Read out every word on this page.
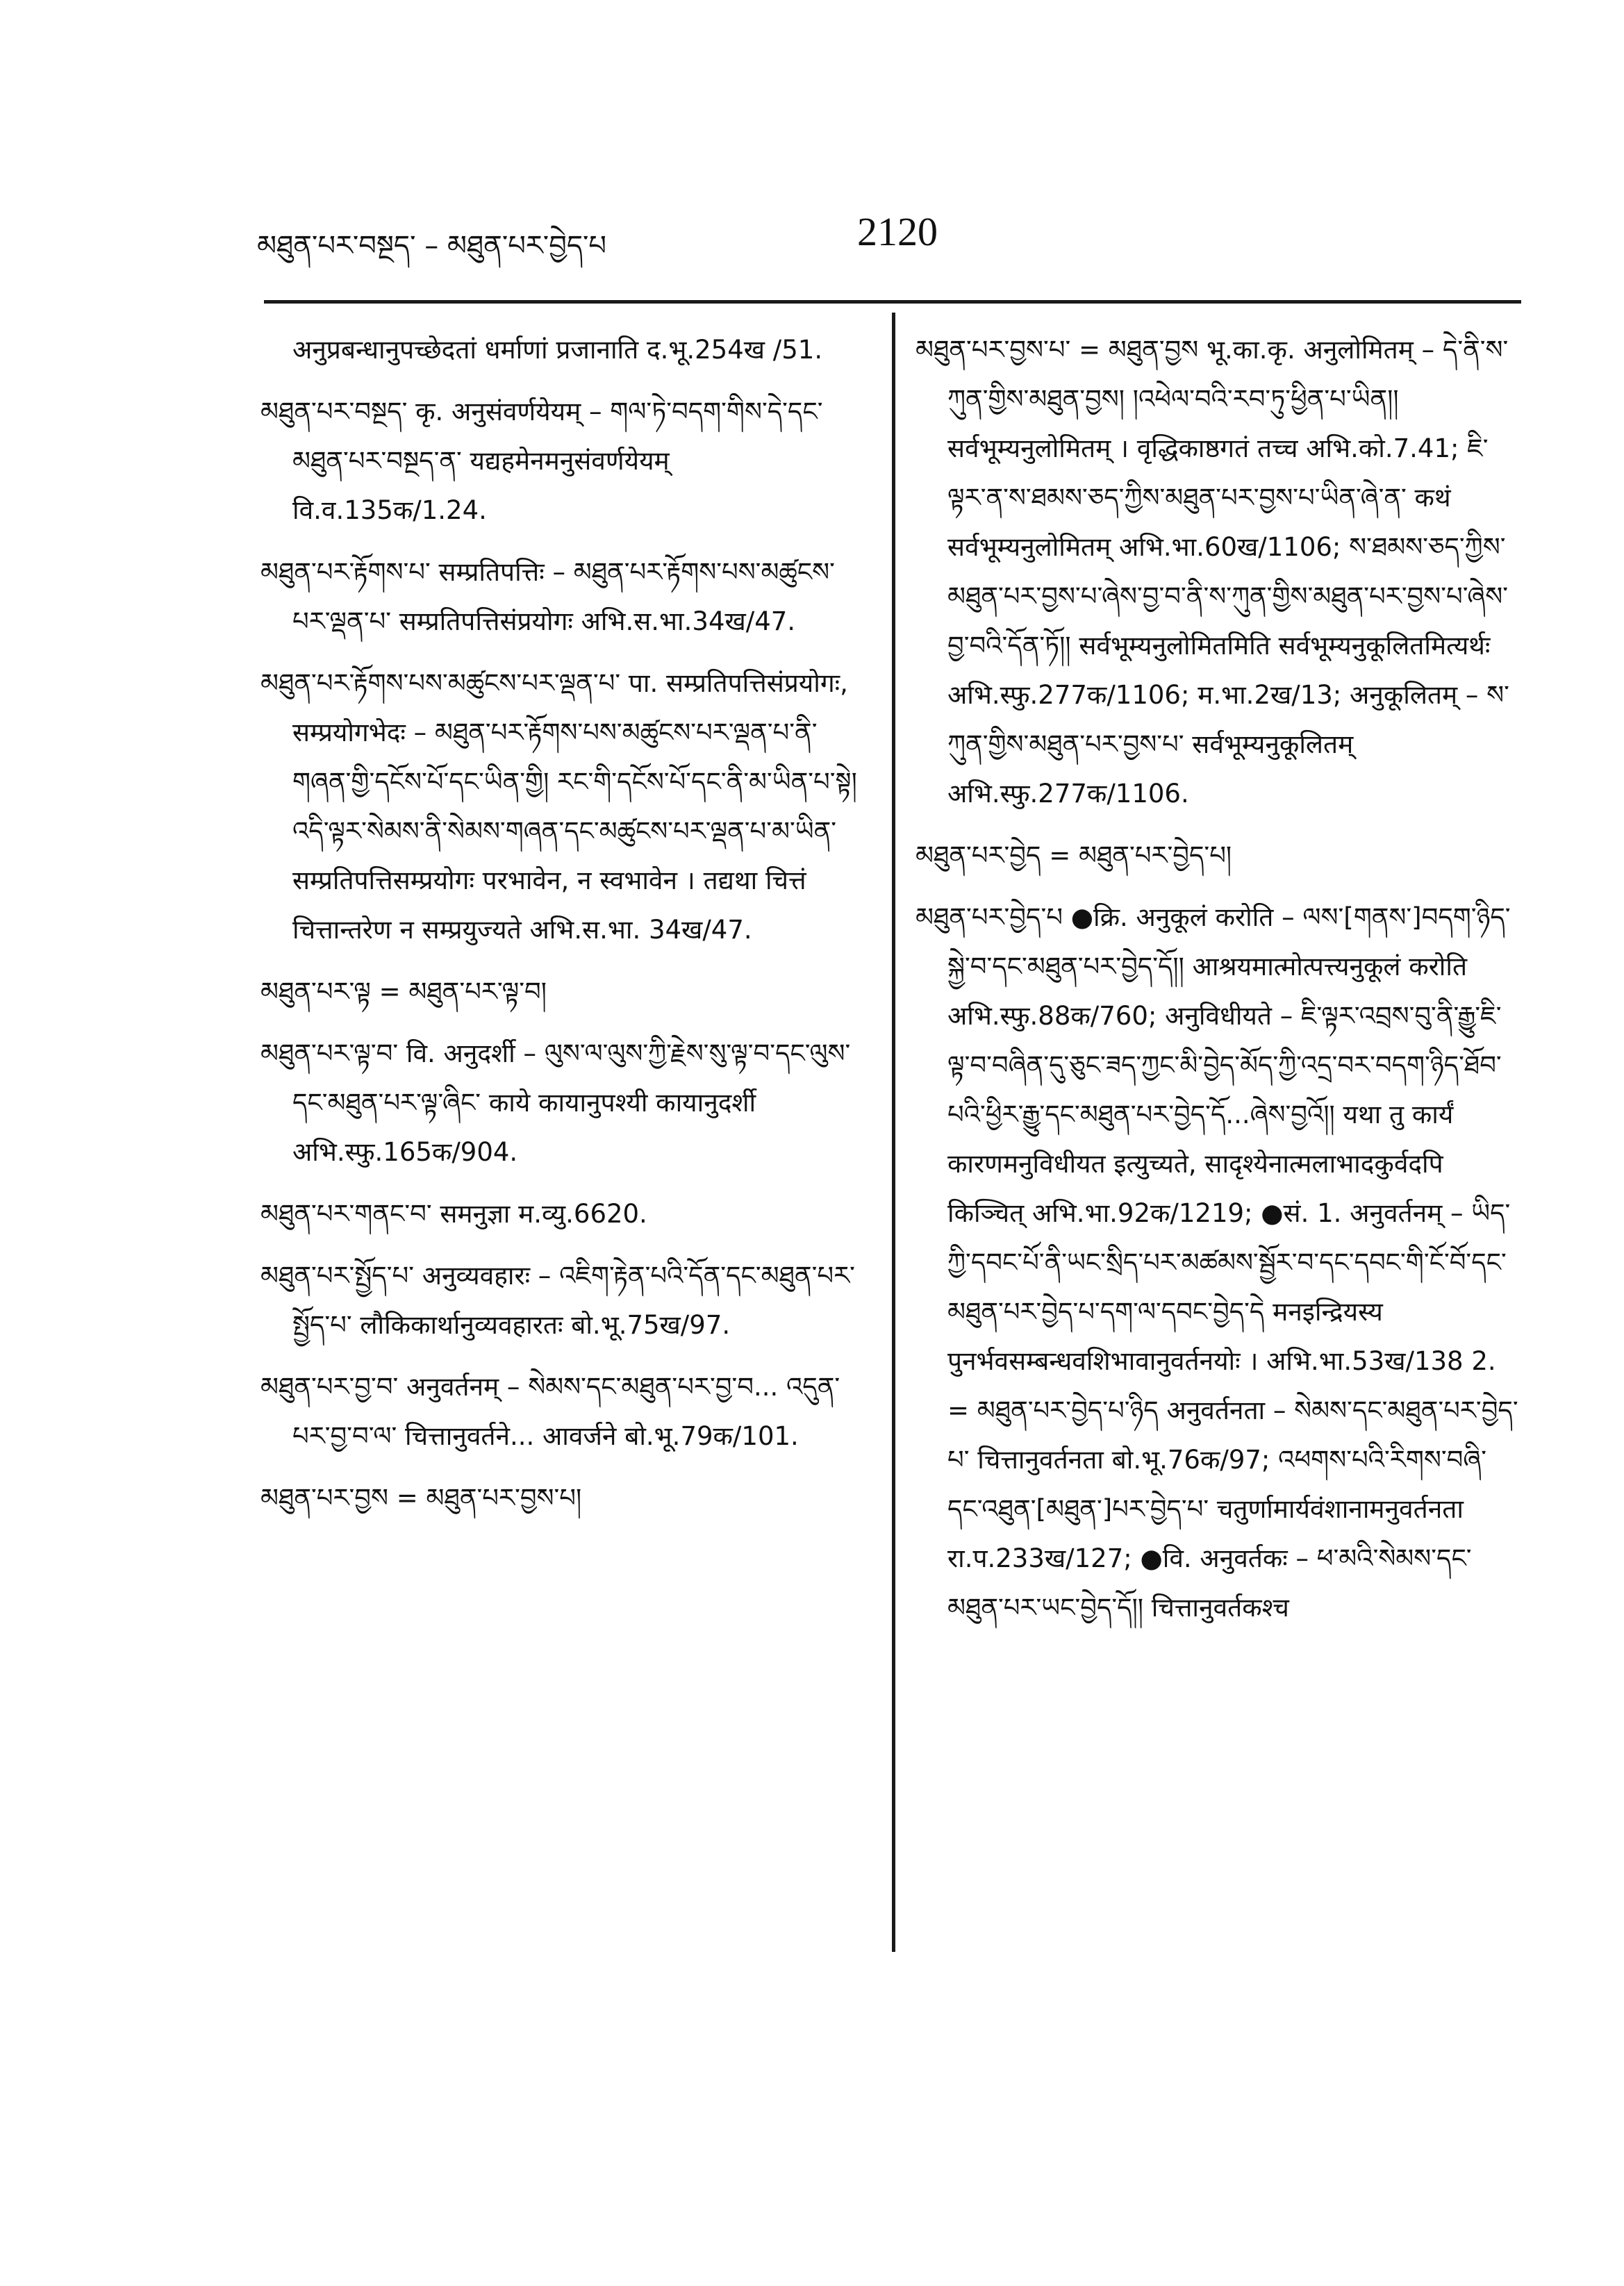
མཐུན་པར་བསྔད་ – མཐུན་པར་བྱེད་པ	2120

अनुप्रबन्धानुपच्छेदतां धर्माणां प्रजानाति द.भू.254ख /51.

མཐུན་པར་བསྔད་ कृ. अनुसंवर्णयेयम् – གལ་ཏེ་བདག་གིས་དེ་དང་མཐུན་པར་བསྔད་ན་ यद्यहमेनमनुसंवर्णयेयम् वि.व.135क/1.24.

མཐུན་པར་རྟོགས་པ་ सम्प्रतिपत्तिः – མཐུན་པར་རྟོགས་པས་མཚུངས་པར་ལྡན་པ་ सम्प्रतिपत्तिसंप्रयोगः अभि.स.भा.34ख/47.

མཐུན་པར་རྟོགས་པས་མཚུངས་པར་ལྡན་པ་ पा. सम्प्रतिपत्तिसंप्रयोगः, सम्प्रयोगभेदः – མཐུན་པར་རྟོགས་པས་མཚུངས་པར་ལྡན་པ་ནི་གཞན་གྱི་དངོས་པོ་དང་ཡིན་གྱི། རང་གི་དངོས་པོ་དང་ནི་མ་ཡིན་པ་སྟེ། འདི་ལྟར་སེམས་ནི་སེམས་གཞན་དང་མཚུངས་པར་ལྡན་པ་མ་ཡིན་ सम्प्रतिपत्तिसम्प्रयोगः परभावेन, न स्वभावेन । तद्यथा चित्तं चित्तान्तरेण न सम्प्रयुज्यते अभि.स.भा. 34ख/47.

མཐུན་པར་ལྟ = མཐུན་པར་ལྟ་བ།

མཐུན་པར་ལྟ་བ་ वि. अनुदर्शी – ལུས་ལ་ལུས་ཀྱི་རྗེས་སུ་ལྟ་བ་དང་ལུས་དང་མཐུན་པར་ལྟ་ཞིང་ काये कायानुपश्यी कायानुदर्शी अभि.स्फु.165क/904.

མཐུན་པར་གནང་བ་ समनुज्ञा म.व्यु.6620.

མཐུན་པར་སྤྱོད་པ་ अनुव्यवहारः – འཇིག་རྟེན་པའི་དོན་དང་མཐུན་པར་སྤྱོད་པ་ लौकिकार्थानुव्यवहारतः बो.भू.75ख/97.

མཐུན་པར་བྱ་བ་ अनुवर्तनम् – སེམས་དང་མཐུན་པར་བྱ་བ... འདུན་པར་བྱ་བ་ལ་ चित्तानुवर्तने... आवर्जने बो.भू.79क/101.

མཐུན་པར་བྱས = མཐུན་པར་བྱས་པ།

མཐུན་པར་བྱས་པ་ = མཐུན་བྱས भू.का.कृ. अनुलोमितम् – དེ་ནི་ས་ཀུན་གྱིས་མཐུན་བྱས། །འཕེལ་བའི་རབ་ཏུ་ཕྱིན་པ་ཡིན།། सर्वभूम्यनुलोमितम् । वृद्धिकाष्ठगतं तच्च अभि.को.7.41; ཇི་ལྟར་ན་ས་ཐམས་ཅད་ཀྱིས་མཐུན་པར་བྱས་པ་ཡིན་ཞེ་ན་ कथं सर्वभूम्यनुलोमितम् अभि.भा.60ख/1106; ས་ཐམས་ཅད་ཀྱིས་མཐུན་པར་བྱས་པ་ཞེས་བྱ་བ་ནི་ས་ཀུན་གྱིས་མཐུན་པར་བྱས་པ་ཞེས་བྱ་བའི་དོན་ཏོ།། सर्वभूम्यनुलोमितमिति सर्वभूम्यनुकूलितमित्यर्थः अभि.स्फु.277क/1106; म.भा.2ख/13; अनुकूलितम् – ས་ཀུན་གྱིས་མཐུན་པར་བྱས་པ་ सर्वभूम्यनुकूलितम् अभि.स्फु.277क/1106.

མཐུན་པར་བྱེད = མཐུན་པར་བྱེད་པ།

མཐུན་པར་བྱེད་པ ●क्रि. अनुकूलं करोति – ལས་[གནས་]བདག་ཉིད་སྐྱེ་བ་དང་མཐུན་པར་བྱེད་དོ།། आश्रयमात्मोत्पत्त्यनुकूलं करोति अभि.स्फु.88क/760; अनुविधीयते – ཇི་ལྟར་འབྲས་བུ་ནི་རྒྱུ་ཇི་ལྟ་བ་བཞིན་དུ་ཅུང་ཟད་ཀྱང་མི་བྱེད་མོད་ཀྱི་འདྲ་བར་བདག་ཉིད་ཐོབ་པའི་ཕྱིར་རྒྱུ་དང་མཐུན་པར་བྱེད་དོ...ཞེས་བྱའོ།། यथा तु कार्यं कारणमनुविधीयत इत्युच्यते, सादृश्येनात्मलाभादकुर्वदपि किञ्चित् अभि.भा.92क/1219; ●सं. 1. अनुवर्तनम् – ཡིད་ཀྱི་དབང་པོ་ནི་ཡང་སྲིད་པར་མཚམས་སྦྱོར་བ་དང་དབང་གི་ངོ་བོ་དང་མཐུན་པར་བྱེད་པ་དག་ལ་དབང་བྱེད་དེ मनइन्द्रियस्य पुनर्भवसम्बन्धवशिभावानुवर्तनयोः । अभि.भा.53ख/138 2. = མཐུན་པར་བྱེད་པ་ཉིད अनुवर्तनता – སེམས་དང་མཐུན་པར་བྱེད་པ་ चित्तानुवर्तनता बो.भू.76क/97; འཕགས་པའི་རིགས་བཞི་དང་འཐུན་[མཐུན་]པར་བྱེད་པ་ चतुर्णामार्यवंशानामनुवर्तनता रा.प.233ख/127; ●वि. अनुवर्तकः – ཕ་མའི་སེམས་དང་མཐུན་པར་ཡང་བྱེད་དོ།། चित्तानुवर्तकश्च
